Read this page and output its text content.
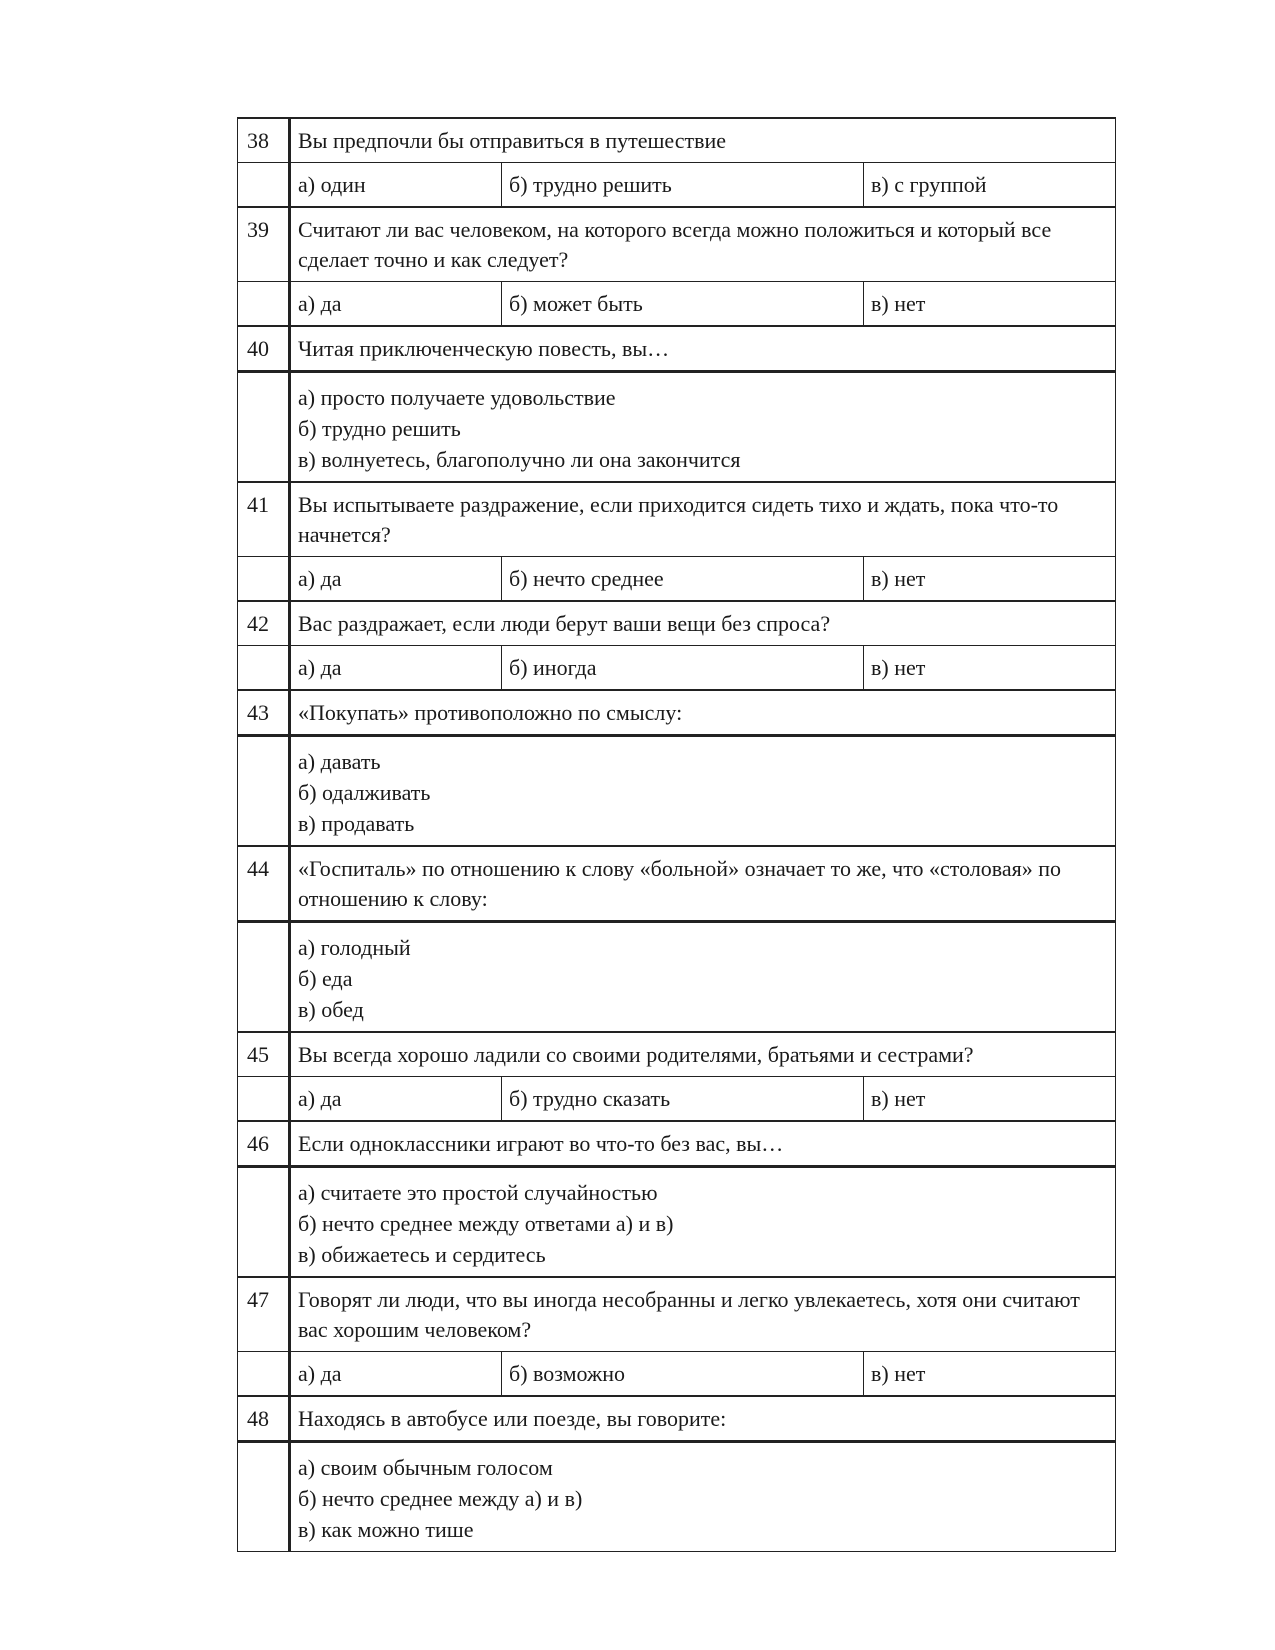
38	Вы предпочли бы отправиться в путешествие		
	а) один	б) трудно решить	в) с группой
39	Считают ли вас человеком, на которого всегда можно положиться и который все сделает точно и как следует?		
	а) да	б) может быть	в) нет
40	Читая приключенческую повесть, вы…		

	а) просто получаете удовольствие
б) трудно решить
в) волнуетесь, благополучно ли она закончится		

41	Вы испытываете раздражение, если приходится сидеть тихо и ждать, пока что-то начнется?		
	а) да	б) нечто среднее	в) нет
42	Вас раздражает, если люди берут ваши вещи без спроса?		
	а) да	б) иногда	в) нет
43	«Покупать» противоположно по смыслу:		

	а) давать
б) одалживать
в) продавать		

44	«Госпиталь» по отношению к слову «больной» означает то же, что «столовая» по отношению к слову:		

	а) голодный
б) еда
в) обед		

45	Вы всегда хорошо ладили со своими родителями, братьями и сестрами?		
	а) да	б) трудно сказать	в) нет
46	Если одноклассники играют во что-то без вас, вы…		

	а) считаете это простой случайностью
б) нечто среднее между ответами а) и в)
в) обижаетесь и сердитесь		

47	Говорят ли люди, что вы иногда несобранны и легко увлекаетесь, хотя они считают вас хорошим человеком?		
	а) да	б) возможно	в) нет
48	Находясь в автобусе или поезде, вы говорите:		

	а) своим обычным голосом
б) нечто среднее между а) и в)
в) как можно тише		
